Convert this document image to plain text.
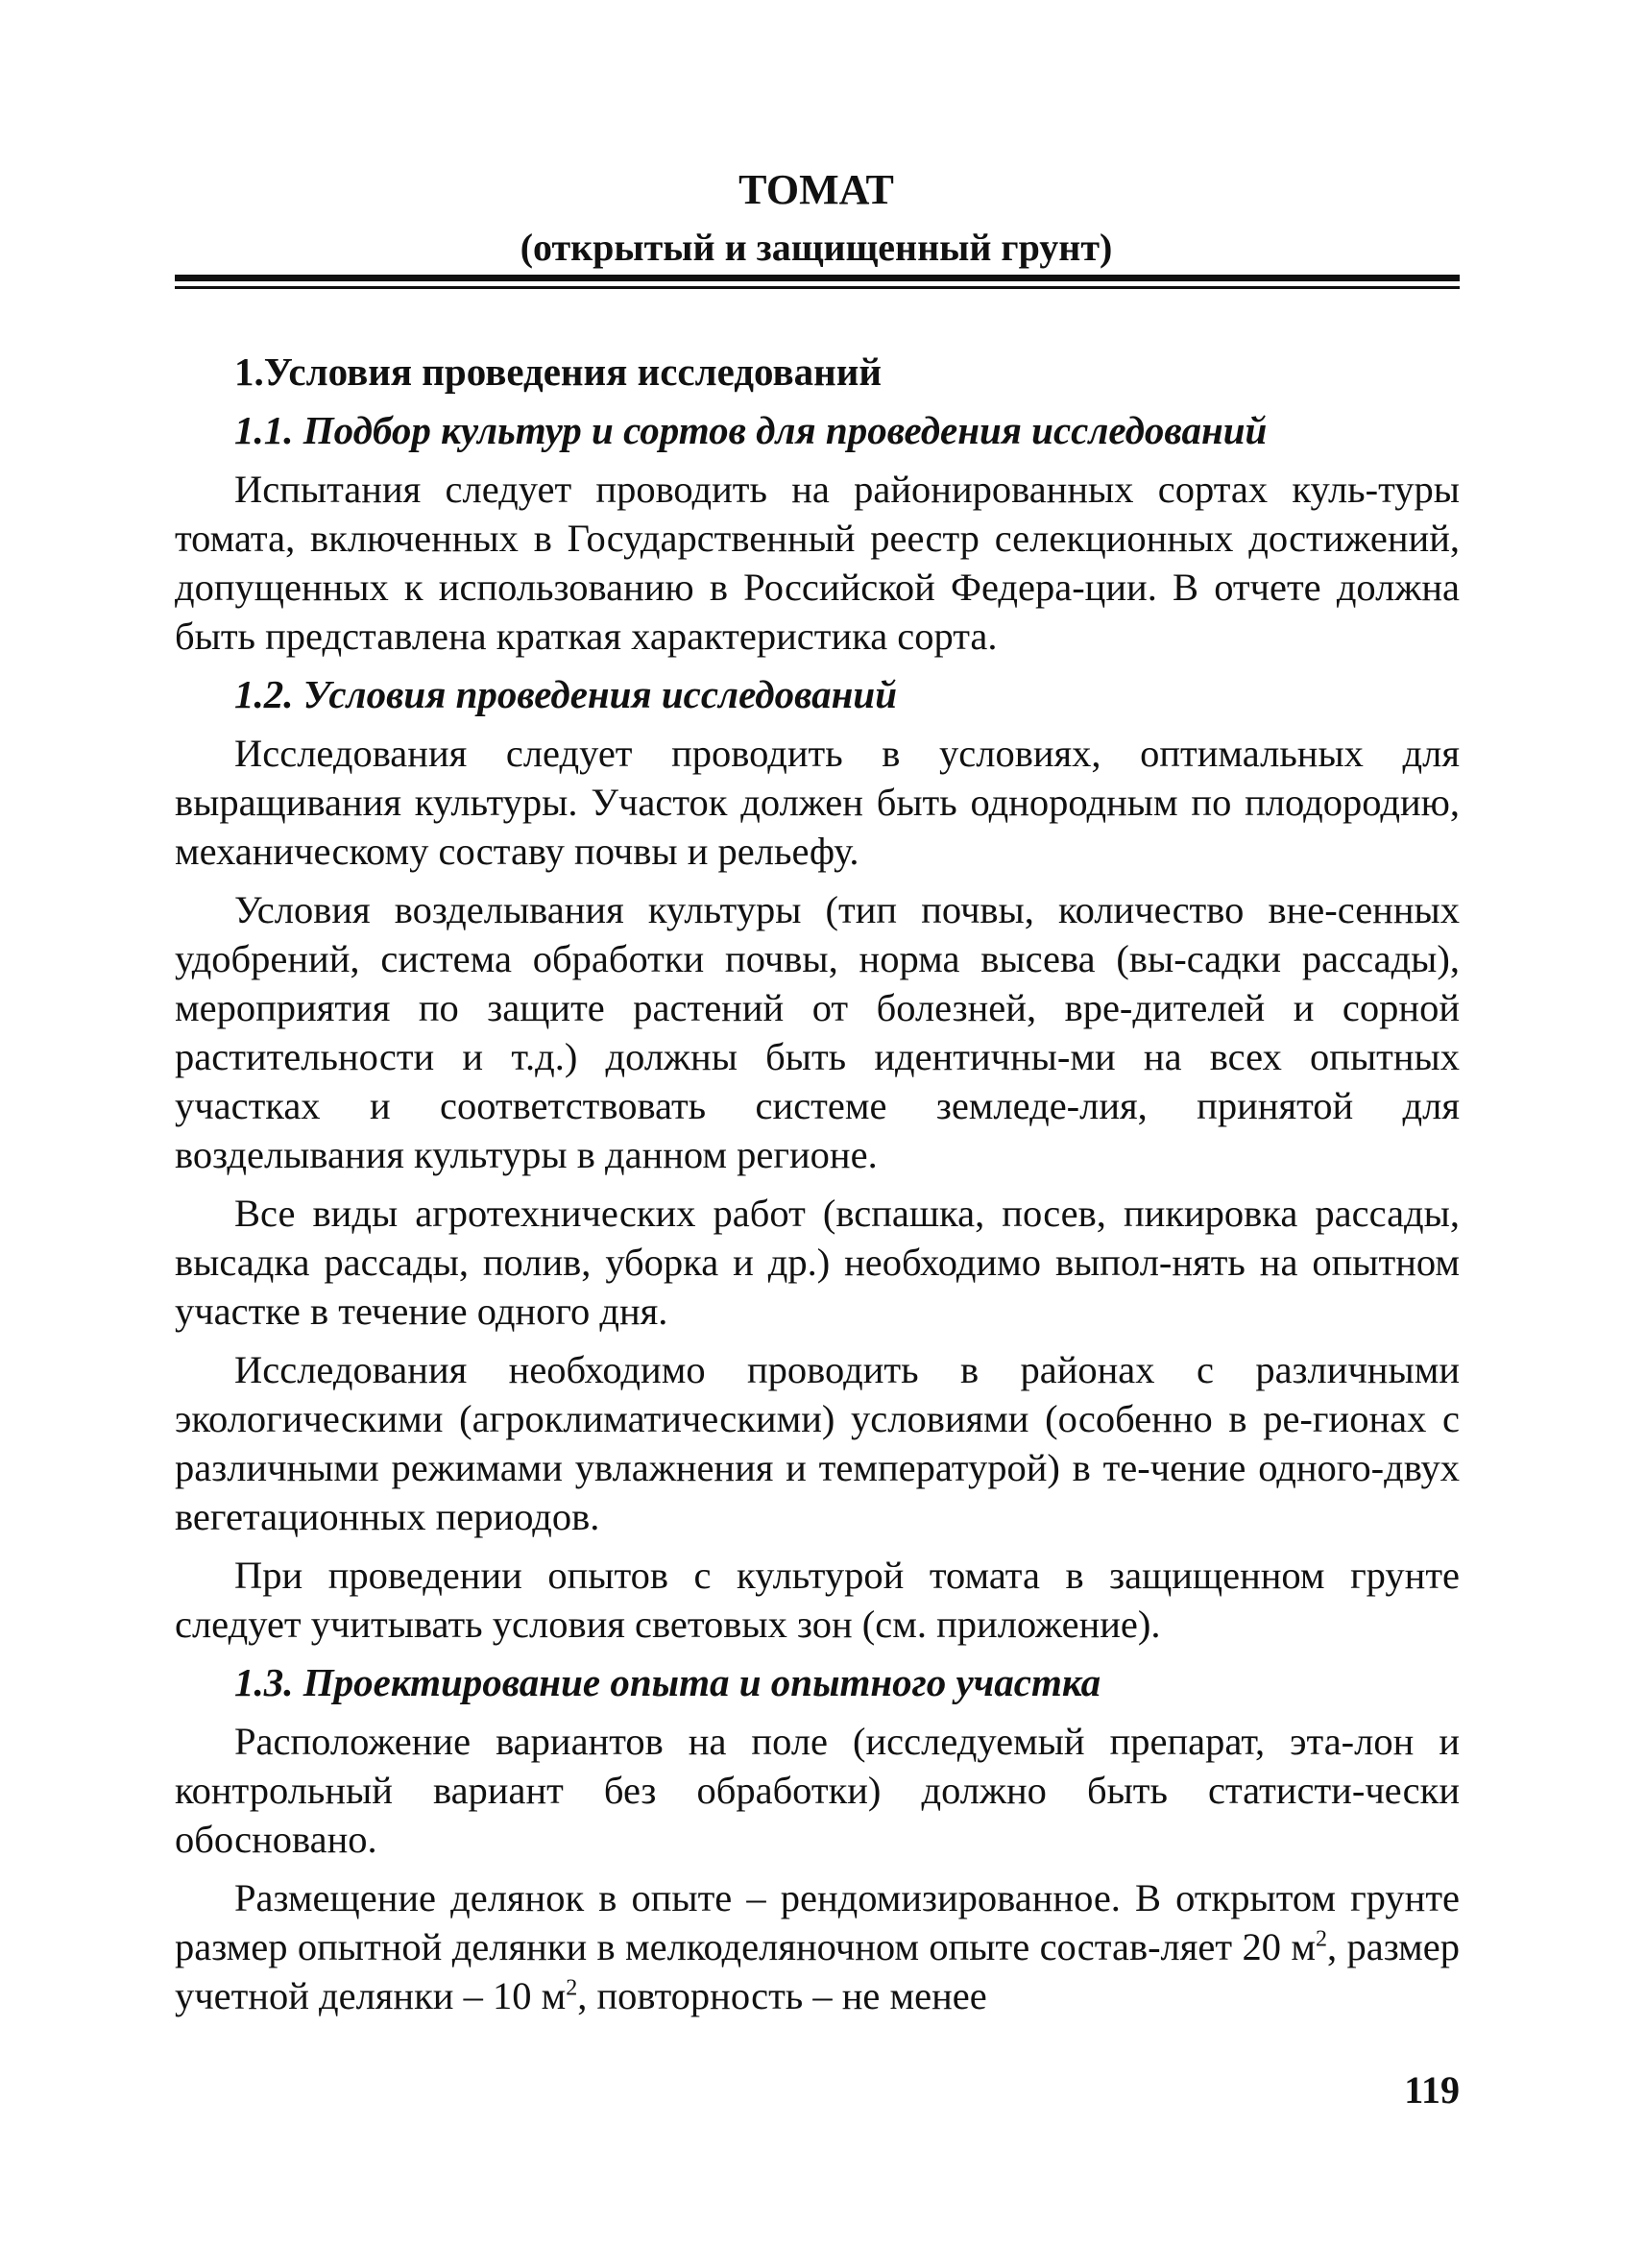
ТОМАТ
(открытый и защищенный грунт)
1.Условия проведения исследований
1.1. Подбор культур и сортов для проведения исследований

Испытания следует проводить на районированных сортах куль-туры томата, включенных в Государственный реестр селекционных достижений, допущенных к использованию в Российской Федера-ции. В отчете должна быть представлена краткая характеристика сорта.

1.2. Условия проведения исследований

Исследования следует проводить в условиях, оптимальных для выращивания культуры. Участок должен быть однородным по плодородию, механическому составу почвы и рельефу.

Условия возделывания культуры (тип почвы, количество вне-сенных удобрений, система обработки почвы, норма высева (вы-садки рассады), мероприятия по защите растений от болезней, вре-дителей и сорной растительности и т.д.) должны быть идентичны-ми на всех опытных участках и соответствовать системе земледе-лия, принятой для возделывания культуры в данном регионе.

Все виды агротехнических работ (вспашка, посев, пикировка рассады, высадка рассады, полив, уборка и др.) необходимо выпол-нять на опытном участке в течение одного дня.

Исследования необходимо проводить в районах с различными экологическими (агроклиматическими) условиями (особенно в ре-гионах с различными режимами увлажнения и температурой) в те-чение одного-двух вегетационных периодов.

При проведении опытов с культурой томата в защищенном грунте следует учитывать условия световых зон (см. приложение).

1.3. Проектирование опыта и опытного участка

Расположение вариантов на поле (исследуемый препарат, эта-лон и контрольный вариант без обработки) должно быть статисти-чески обосновано.

Размещение делянок в опыте – рендомизированное. В открытом грунте размер опытной делянки в мелкоделяночном опыте состав-ляет 20 $м^2$, размер учетной делянки – 10 $м^2$, повторность – не менее

119
